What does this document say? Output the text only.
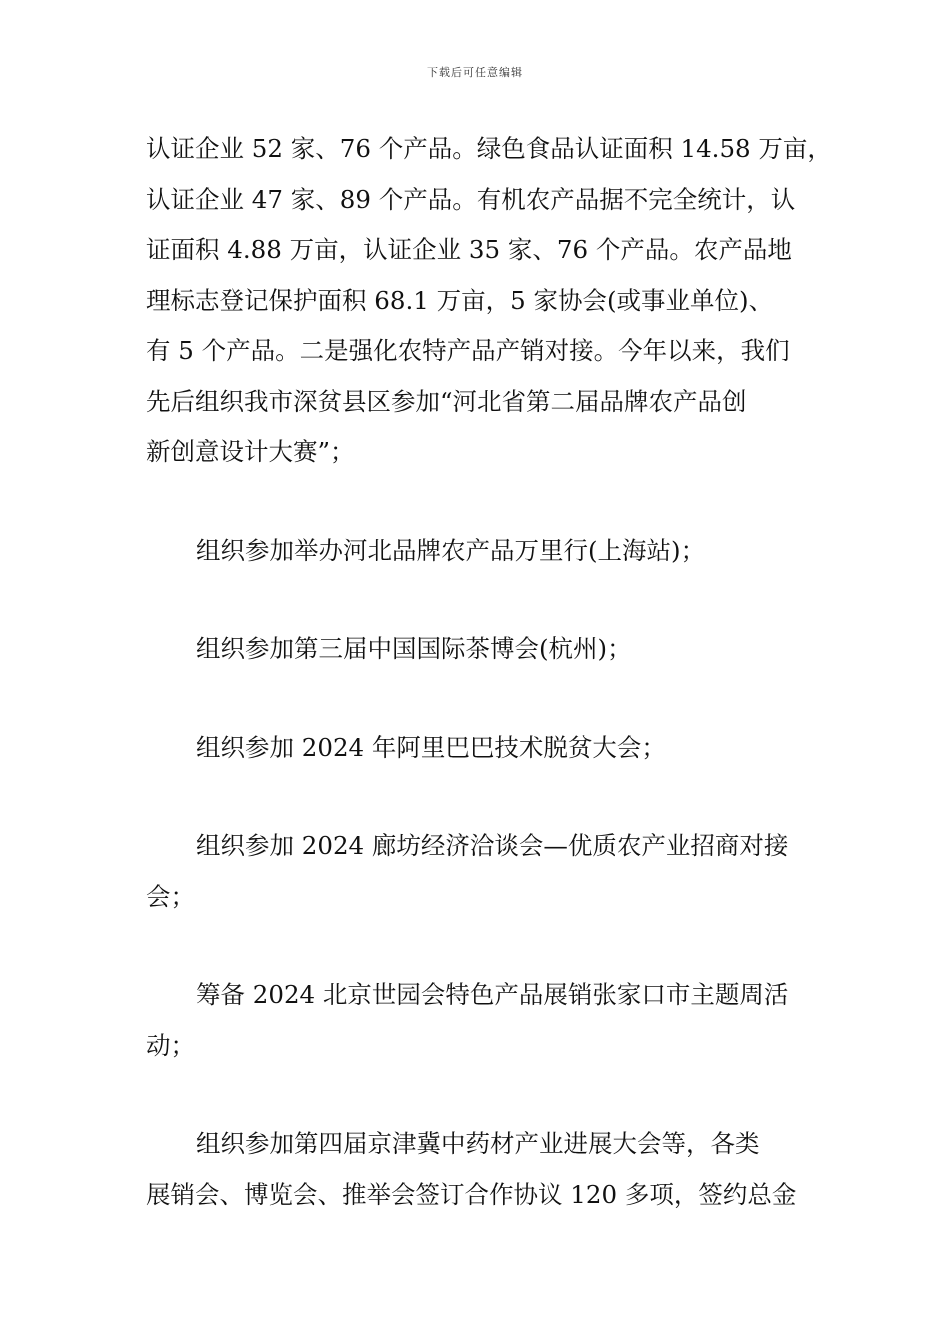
下载后可任意编辑
认证企业 52 家、76 个产品。绿色食品认证面积 14.58 万亩，
认证企业 47 家、89 个产品。有机农产品据不完全统计，认
证面积 4.88 万亩，认证企业 35 家、76 个产品。农产品地
理标志登记保护面积 68.1 万亩，5 家协会(或事业单位)、
有 5 个产品。二是强化农特产品产销对接。今年以来，我们
先后组织我市深贫县区参加“河北省第二届品牌农产品创
新创意设计大赛”；
组织参加举办河北品牌农产品万里行(上海站)；
组织参加第三届中国国际茶博会(杭州)；
组织参加 2024 年阿里巴巴技术脱贫大会；
组织参加 2024 廊坊经济洽谈会—优质农产业招商对接
会；
筹备 2024 北京世园会特色产品展销张家口市主题周活
动；
组织参加第四届京津冀中药材产业进展大会等，各类
展销会、博览会、推举会签订合作协议 120 多项，签约总金
